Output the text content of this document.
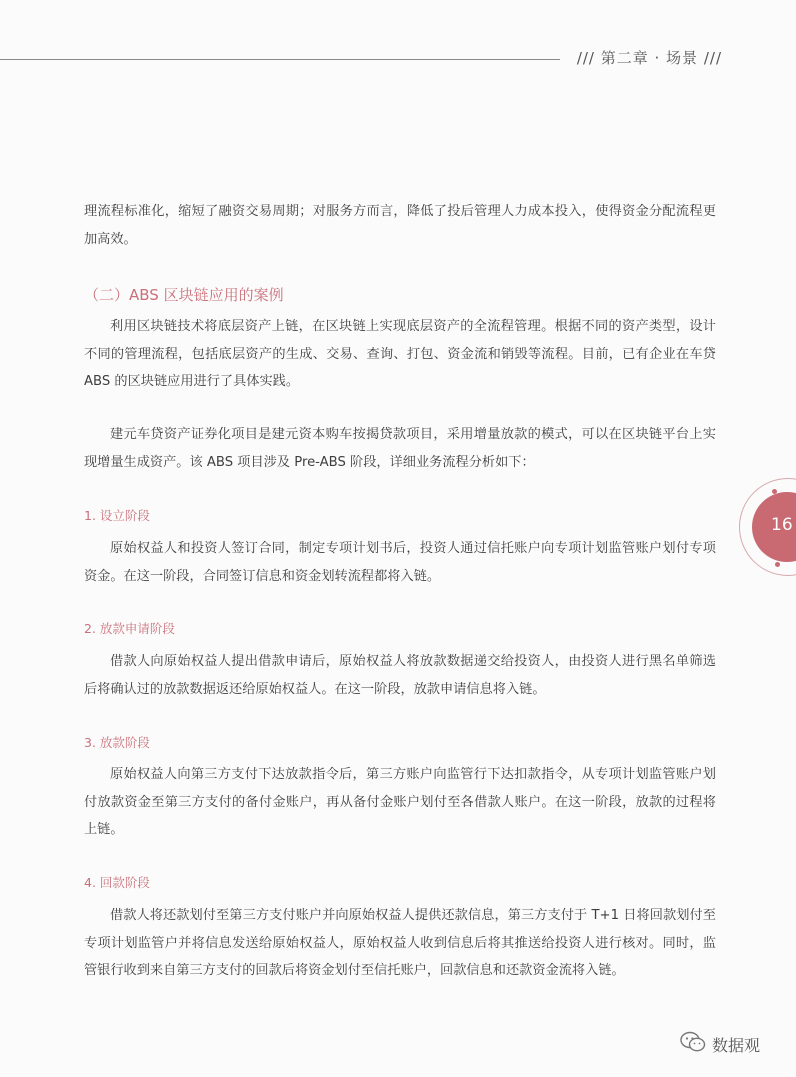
/// 第二章 · 场景 ///

理流程标准化，缩短了融资交易周期；对服务方而言，降低了投后管理人力成本投入，使得资金分配流程更加高效。

（二）ABS 区块链应用的案例

利用区块链技术将底层资产上链，在区块链上实现底层资产的全流程管理。根据不同的资产类型，设计不同的管理流程，包括底层资产的生成、交易、查询、打包、资金流和销毁等流程。目前，已有企业在车贷 ABS 的区块链应用进行了具体实践。

建元车贷资产证券化项目是建元资本购车按揭贷款项目，采用增量放款的模式，可以在区块链平台上实现增量生成资产。该 ABS 项目涉及 Pre-ABS 阶段，详细业务流程分析如下：

1. 设立阶段

原始权益人和投资人签订合同，制定专项计划书后，投资人通过信托账户向专项计划监管账户划付专项资金。在这一阶段，合同签订信息和资金划转流程都将入链。

2. 放款申请阶段

借款人向原始权益人提出借款申请后，原始权益人将放款数据递交给投资人，由投资人进行黑名单筛选后将确认过的放款数据返还给原始权益人。在这一阶段，放款申请信息将入链。

3. 放款阶段

原始权益人向第三方支付下达放款指令后，第三方账户向监管行下达扣款指令，从专项计划监管账户划付放款资金至第三方支付的备付金账户，再从备付金账户划付至各借款人账户。在这一阶段，放款的过程将上链。

4. 回款阶段

借款人将还款划付至第三方支付账户并向原始权益人提供还款信息，第三方支付于 T+1 日将回款划付至专项计划监管户并将信息发送给原始权益人，原始权益人收到信息后将其推送给投资人进行核对。同时，监管银行收到来自第三方支付的回款后将资金划付至信托账户，回款信息和还款资金流将入链。

16
数据观
